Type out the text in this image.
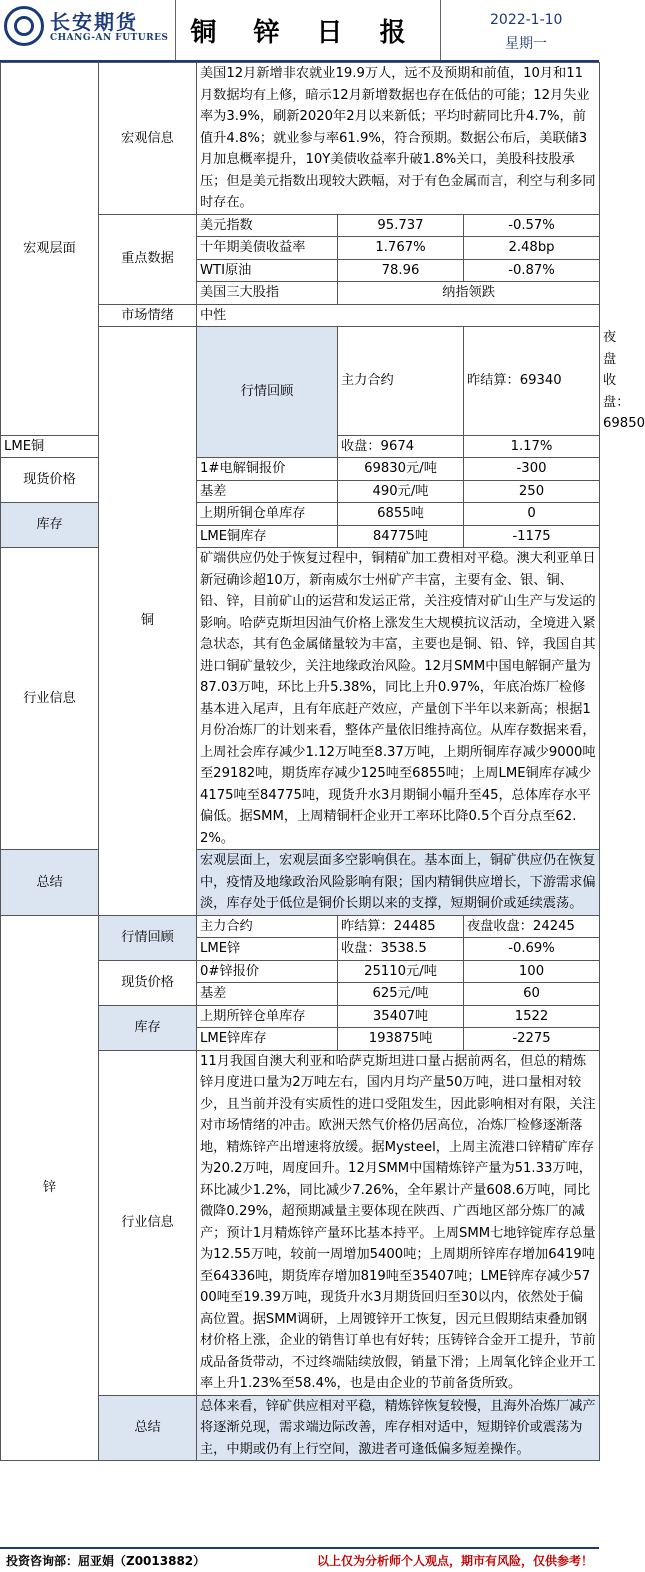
长安期货
CHANG-AN FUTURES 铜 锌 日 报	2022-1-10
星期一
宏观层面	宏观信息	美国12月新增非农就业19.9万人，远不及预期和前值，10月和11月数据均有上修，暗示12月新增数据也存在低估的可能；12月失业率为3.9%，刷新2020年2月以来新低；平均时薪同比升4.7%，前值升4.8%；就业参与率61.9%，符合预期。数据公布后，美联储3月加息概率提升，10Y美债收益率升破1.8%关口，美股科技股承压；但是美元指数出现较大跌幅，对于有色金属而言，利空与利多同时存在。			
	重点数据	美元指数	95.737	-0.57%	
		十年期美债收益率	1.767%	2.48bp	
		WTI原油	78.96	-0.87%	
		美国三大股指	纳指领跌		
	市场情绪	中性			
	铜	行情回顾	主力合约	昨结算：69340	夜盘收盘：69850
LME铜			收盘：9674	1.17%	
现货价格		1#电解铜报价	69830元/吨	-300	
		基差	490元/吨	250	
库存		上期所铜仓单库存	6855吨	0	
		LME铜库存	84775吨	-1175	
行业信息		矿端供应仍处于恢复过程中，铜精矿加工费相对平稳。澳大利亚单日新冠确诊超10万，新南威尔士州矿产丰富，主要有金、银、铜、铅、锌，目前矿山的运营和发运正常，关注疫情对矿山生产与发运的影响。哈萨克斯坦因油气价格上涨发生大规模抗议活动，全境进入紧急状态，其有色金属储量较为丰富，主要也是铜、铅、锌，我国自其进口铜矿量较少，关注地缘政治风险。12月SMM中国电解铜产量为87.03万吨，环比上升5.38%，同比上升0.97%，年底冶炼厂检修基本进入尾声，且有年底赶产效应，产量创下半年以来新高；根据1月份冶炼厂的计划来看，整体产量依旧维持高位。从库存数据来看，上周社会库存减少1.12万吨至8.37万吨，上期所铜库存减少9000吨至29182吨，期货库存减少125吨至6855吨；上周LME铜库存减少4175吨至84775吨，现货升水3月期铜小幅升至45，总体库存水平偏低。据SMM，上周精铜杆企业开工率环比降0.5个百分点至62.2%。			
总结		宏观层面上，宏观层面多空影响俱在。基本面上，铜矿供应仍在恢复中，疫情及地缘政治风险影响有限；国内精铜供应增长，下游需求偏淡，库存处于低位是铜价长期以来的支撑，短期铜价或延续震荡。			
锌	行情回顾	主力合约	昨结算：24485	夜盘收盘：24245	
		LME锌	收盘：3538.5	-0.69%	
	现货价格	0#锌报价	25110元/吨	100	
		基差	625元/吨	60	
	库存	上期所锌仓单库存	35407吨	1522	
		LME锌库存	193875吨	-2275	
	行业信息	11月我国自澳大利亚和哈萨克斯坦进口量占据前两名，但总的精炼锌月度进口量为2万吨左右，国内月均产量50万吨，进口量相对较少，且当前并没有实质性的进口受阻发生，因此影响相对有限，关注对市场情绪的冲击。欧洲天然气价格仍居高位，冶炼厂检修逐渐落地，精炼锌产出增速将放缓。据Mysteel，上周主流港口锌精矿库存为20.2万吨，周度回升。12月SMM中国精炼锌产量为51.33万吨，环比减少1.2%，同比减少7.26%，全年累计产量608.6万吨，同比微降0.29%，超预期减量主要体现在陕西、广西地区部分炼厂的减产；预计1月精炼锌产量环比基本持平。上周SMM七地锌锭库存总量为12.55万吨，较前一周增加5400吨；上周期所锌库存增加6419吨至64336吨，期货库存增加819吨至35407吨；LME锌库存减少5700吨至19.39万吨，现货升水3月期货回归至30以内，依然处于偏高位置。据SMM调研，上周镀锌开工恢复，因元旦假期结束叠加钢材价格上涨，企业的销售订单也有好转；压铸锌合金开工提升，节前成品备货带动，不过终端陆续放假，销量下滑；上周氧化锌企业开工率上升1.23%至58.4%，也是由企业的节前备货所致。			
	总结	总体来看，锌矿供应相对平稳，精炼锌恢复较慢，且海外冶炼厂减产将逐渐兑现，需求端边际改善，库存相对适中，短期锌价或震荡为主，中期或仍有上行空间，激进者可逢低偏多短差操作。			
投资咨询部：屈亚娟（Z0013882）	以上仅为分析师个人观点，期市有风险，仅供参考！
